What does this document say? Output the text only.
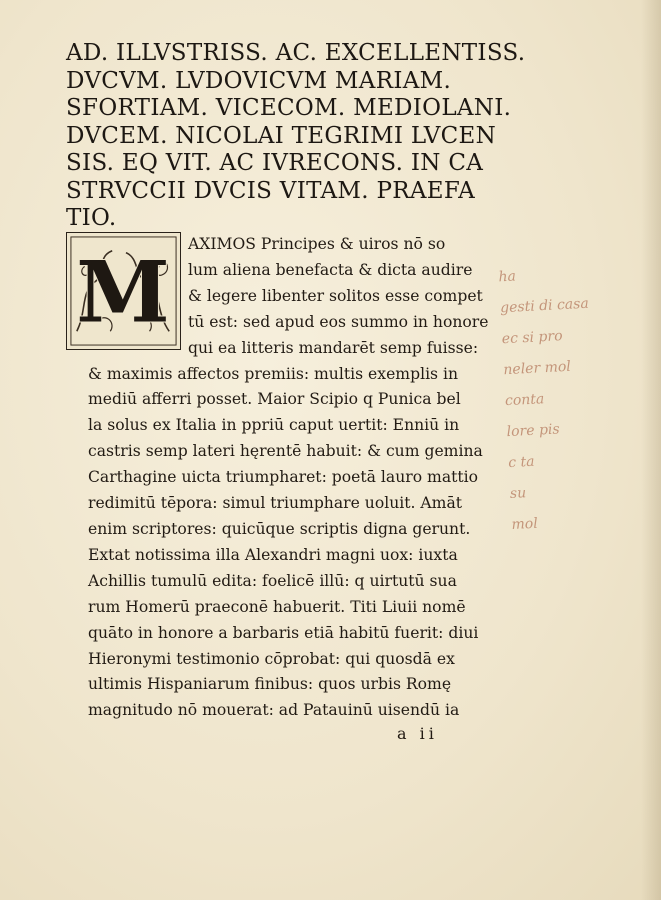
AD. ILLVSTRISS. AC. EXCELLENTISS.
DVCVM. LVDOVICVM MARIAM.
SFORTIAM. VICECOM. MEDIOLANI.
DVCEM. NICOLAI TEGRIMI LVCEN
SIS. EQ VIT. AC IVRECONS. IN CA
STRVCCII DVCIS VITAM. PRAEFA
TIO.
M	AXIMOS Principes & uiros nō so
lum aliena benefacta & dicta audire
& legere libenter solitos esse compet
tū est: sed apud eos summo in honore
qui ea litteris mandarēt semp fuisse:
& maximis affectos premiis: multis exemplis in
mediū afferri posset. Maior Scipio q Punica bel
la solus ex Italia in ppriū caput uertit: Enniū in
castris semp lateri hęrentē habuit: & cum gemina
Carthagine uicta triumpharet: poetā lauro mattio
redimitū tēpora: simul triumphare uoluit. Amāt
enim scriptores: quicūque scriptis digna gerunt.
Extat notissima illa Alexandri magni uox: iuxta
Achillis tumulū edita: foelicē illū: q uirtutū sua
rum Homerū praeconē habuerit. Titi Liuii nomē
quāto in honore a barbaris etiā habitū fuerit: diui
Hieronymi testimonio cōprobat: qui quosdā ex
ultimis Hispaniarum finibus: quos urbis Romę
magnitudo nō mouerat: ad Patauinū uisendū ia
a ii
ha
gesti di casa
ec si pro
neler mol
conta
lore pis
c ta
su
mol
